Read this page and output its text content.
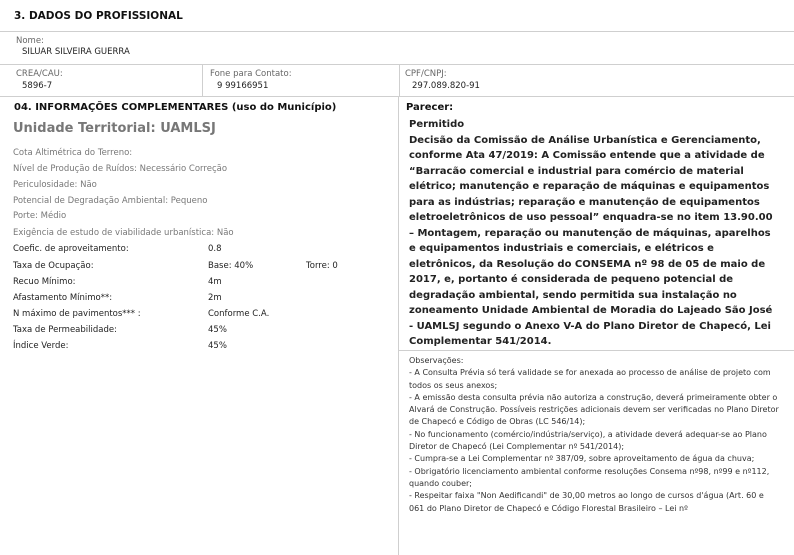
3. DADOS DO PROFISSIONAL
Nome:
SILUAR SILVEIRA GUERRA
CREA/CAU:
5896-7
Fone para Contato:
9 99166951
CPF/CNPJ:
297.089.820-91
04. INFORMAÇÕES COMPLEMENTARES (uso do Município)
Unidade Territorial: UAMLSJ
Cota Altimétrica do Terreno:
Nível de Produção de Ruídos: Necessário Correção
Periculosidade: Não
Potencial de Degradação Ambiental: Pequeno
Porte: Médio
Exigência de estudo de viabilidade urbanística: Não
Coefic. de aproveitamento:	0.8
Taxa de Ocupação:	Base: 40%	Torre: 0
Recuo Mínimo:	4m
Afastamento Mínimo**:	2m
N máximo de pavimentos*** :	Conforme C.A.
Taxa de Permeabilidade:	45%
Índice Verde:	45%
Parecer:

Permitido

Decisão da Comissão de Análise Urbanística e Gerenciamento, conforme Ata 47/2019: A Comissão entende que a atividade de “Barracão comercial e industrial para comércio de material elétrico; manutenção e reparação de máquinas e equipamentos para as indústrias; reparação e manutenção de equipamentos eletroeletrônicos de uso pessoal” enquadra-se no item 13.90.00 – Montagem, reparação ou manutenção de máquinas, aparelhos e equipamentos industriais e comerciais, e elétricos e eletrônicos, da Resolução do CONSEMA nº 98 de 05 de maio de 2017, e, portanto é considerada de pequeno potencial de degradação ambiental, sendo permitida sua instalação no zoneamento Unidade Ambiental de Moradia do Lajeado São José - UAMLSJ segundo o Anexo V-A do Plano Diretor de Chapecó, Lei Complementar 541/2014.

Observações:

- A Consulta Prévia só terá validade se for anexada ao processo de análise de projeto com todos os seus anexos;

- A emissão desta consulta prévia não autoriza a construção, deverá primeiramente obter o Alvará de Construção. Possíveis restrições adicionais devem ser verificadas no Plano Diretor de Chapecó e Código de Obras (LC 546/14);

- No funcionamento (comércio/indústria/serviço), a atividade deverá adequar-se ao Plano Diretor de Chapecó (Lei Complementar nº 541/2014);

- Cumpra-se a Lei Complementar nº 387/09, sobre aproveitamento de água da chuva;

- Obrigatório licenciamento ambiental conforme resoluções Consema nº98, nº99 e nº112, quando couber;

- Respeitar faixa "Non Aedificandi" de 30,00 metros ao longo de cursos d'água (Art. 60 e 061 do Plano Diretor de Chapecó e Código Florestal Brasileiro – Lei nº
